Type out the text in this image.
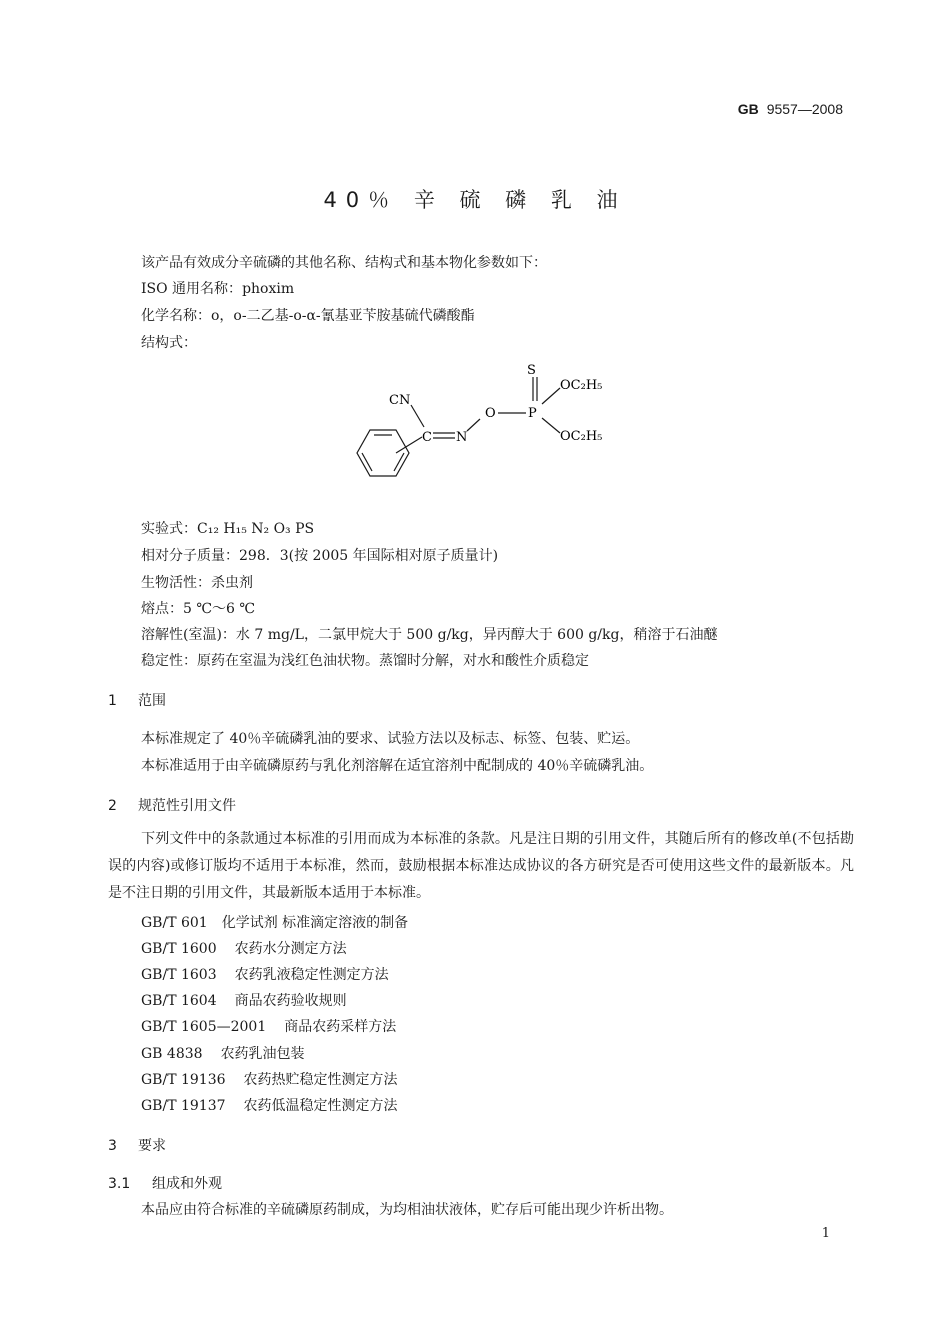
GB 9557—2008
40％ 辛 硫 磷 乳 油
该产品有效成分辛硫磷的其他名称、结构式和基本物化参数如下：
ISO 通用名称：phoxim
化学名称：o，o-二乙基-o-α-氰基亚苄胺基硫代磷酸酯
结构式：
S
P
O
N
C
CN
OC₂H₅
OC₂H₅
实验式：C₁₂ H₁₅ N₂ O₃ PS
相对分子质量：298．3(按 2005 年国际相对原子质量计)
生物活性：杀虫剂
熔点：5 ℃～6 ℃
溶解性(室温)：水 7 mg/L，二氯甲烷大于 500 g/kg，异丙醇大于 600 g/kg，稍溶于石油醚
稳定性：原药在室温为浅红色油状物。蒸馏时分解，对水和酸性介质稳定
1 范围
本标准规定了 40％辛硫磷乳油的要求、试验方法以及标志、标签、包装、贮运。
本标准适用于由辛硫磷原药与乳化剂溶解在适宜溶剂中配制成的 40％辛硫磷乳油。
2 规范性引用文件
下列文件中的条款通过本标准的引用而成为本标准的条款。凡是注日期的引用文件，其随后所有的修改单(不包括勘误的内容)或修订版均不适用于本标准，然而，鼓励根据本标准达成协议的各方研究是否可使用这些文件的最新版本。凡是不注日期的引用文件，其最新版本适用于本标准。
GB/T 601 化学试剂 标准滴定溶液的制备
GB/T 1600 农药水分测定方法
GB/T 1603 农药乳液稳定性测定方法
GB/T 1604 商品农药验收规则
GB/T 1605—2001 商品农药采样方法
GB 4838 农药乳油包装
GB/T 19136 农药热贮稳定性测定方法
GB/T 19137 农药低温稳定性测定方法
3 要求
3.1 组成和外观
本品应由符合标准的辛硫磷原药制成，为均相油状液体，贮存后可能出现少许析出物。
1
